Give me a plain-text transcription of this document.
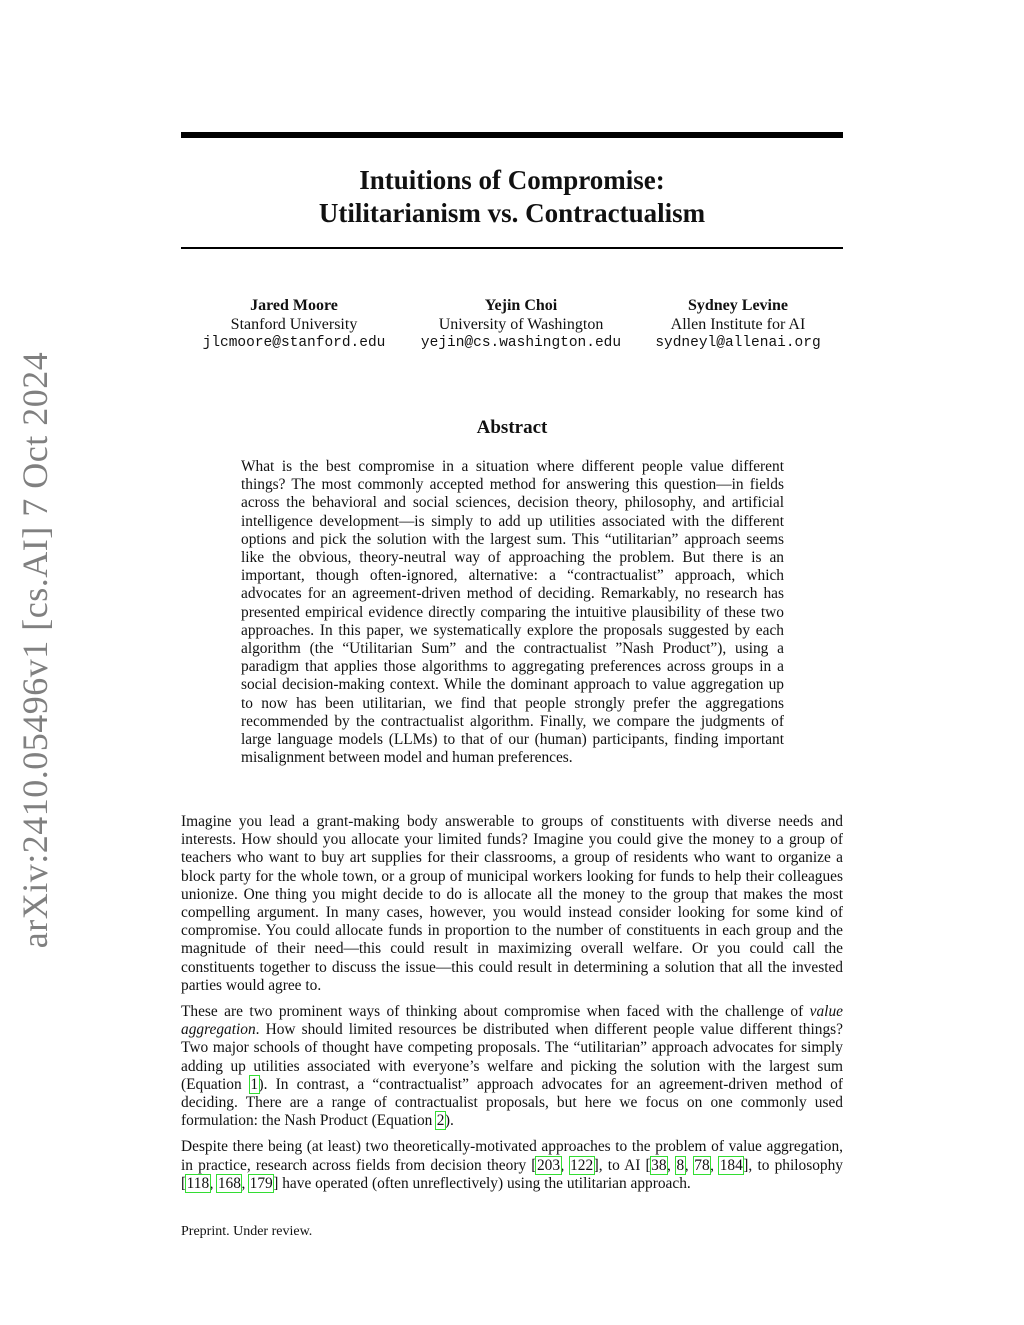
arXiv:2410.05496v1 [cs.AI] 7 Oct 2024
Intuitions of Compromise:
Utilitarianism vs. Contractualism
Jared Moore
Stanford University
jlcmoore@stanford.edu
Yejin Choi
University of Washington
yejin@cs.washington.edu
Sydney Levine
Allen Institute for AI
sydneyl@allenai.org
Abstract
What is the best compromise in a situation where different people value different things? The most commonly accepted method for answering this question—in fields across the behavioral and social sciences, decision theory, philosophy, and artificial intelligence development—is simply to add up utilities associated with the different options and pick the solution with the largest sum. This “utilitarian” approach seems like the obvious, theory-neutral way of approaching the problem. But there is an important, though often-ignored, alternative: a “contractualist” approach, which advocates for an agreement-driven method of deciding. Remarkably, no research has presented empirical evidence directly comparing the intuitive plausibility of these two approaches. In this paper, we systematically explore the proposals suggested by each algorithm (the “Utilitarian Sum” and the contractualist ”Nash Product”), using a paradigm that applies those algorithms to aggregating preferences across groups in a social decision-making context. While the dominant approach to value aggregation up to now has been utilitarian, we find that people strongly prefer the aggregations recommended by the contractualist algorithm. Finally, we compare the judgments of large language models (LLMs) to that of our (human) participants, finding important misalignment between model and human preferences.

Imagine you lead a grant-making body answerable to groups of constituents with diverse needs and interests. How should you allocate your limited funds? Imagine you could give the money to a group of teachers who want to buy art supplies for their classrooms, a group of residents who want to organize a block party for the whole town, or a group of municipal workers looking for funds to help their colleagues unionize. One thing you might decide to do is allocate all the money to the group that makes the most compelling argument. In many cases, however, you would instead consider looking for some kind of compromise. You could allocate funds in proportion to the number of constituents in each group and the magnitude of their need—this could result in maximizing overall welfare. Or you could call the constituents together to discuss the issue—this could result in determining a solution that all the invested parties would agree to.

These are two prominent ways of thinking about compromise when faced with the challenge of value aggregation. How should limited resources be distributed when different people value different things? Two major schools of thought have competing proposals. The “utilitarian” approach advocates for simply adding up utilities associated with everyone’s welfare and picking the solution with the largest sum (Equation 1). In contrast, a “contractualist” approach advocates for an agreement-driven method of deciding. There are a range of contractualist proposals, but here we focus on one commonly used formulation: the Nash Product (Equation 2).

Despite there being (at least) two theoretically-motivated approaches to the problem of value aggregation, in practice, research across fields from decision theory [203, 122], to AI [38, 8, 78, 184], to philosophy [118, 168, 179] have operated (often unreflectively) using the utilitarian approach.

Preprint. Under review.
